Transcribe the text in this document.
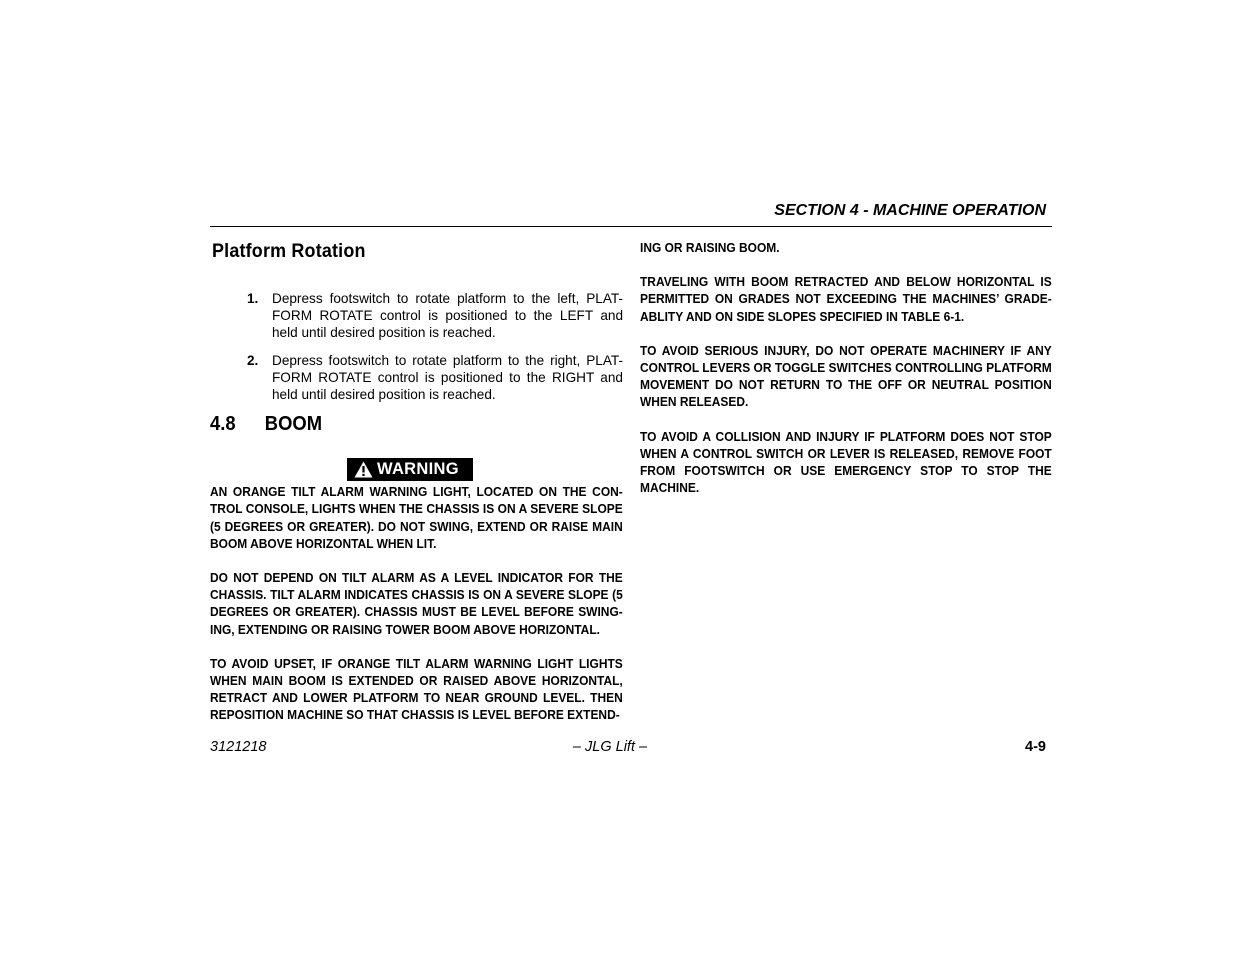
SECTION 4 - MACHINE OPERATION
Platform Rotation
1. Depress footswitch to rotate platform to the left, PLAT-FORM ROTATE control is positioned to the LEFT and held until desired position is reached.
2. Depress footswitch to rotate platform to the right, PLAT-FORM ROTATE control is positioned to the RIGHT and held until desired position is reached.
4.8 BOOM
WARNING

AN ORANGE TILT ALARM WARNING LIGHT, LOCATED ON THE CON-TROL CONSOLE, LIGHTS WHEN THE CHASSIS IS ON A SEVERE SLOPE (5 DEGREES OR GREATER). DO NOT SWING, EXTEND OR RAISE MAIN BOOM ABOVE HORIZONTAL WHEN LIT.

DO NOT DEPEND ON TILT ALARM AS A LEVEL INDICATOR FOR THE CHASSIS. TILT ALARM INDICATES CHASSIS IS ON A SEVERE SLOPE (5 DEGREES OR GREATER). CHASSIS MUST BE LEVEL BEFORE SWING-ING, EXTENDING OR RAISING TOWER BOOM ABOVE HORIZONTAL.

TO AVOID UPSET, IF ORANGE TILT ALARM WARNING LIGHT LIGHTS WHEN MAIN BOOM IS EXTENDED OR RAISED ABOVE HORIZONTAL, RETRACT AND LOWER PLATFORM TO NEAR GROUND LEVEL. THEN REPOSITION MACHINE SO THAT CHASSIS IS LEVEL BEFORE EXTEND-

ING OR RAISING BOOM.

TRAVELING WITH BOOM RETRACTED AND BELOW HORIZONTAL IS PERMITTED ON GRADES NOT EXCEEDING THE MACHINES’ GRADE-ABLITY AND ON SIDE SLOPES SPECIFIED IN TABLE 6-1.

TO AVOID SERIOUS INJURY, DO NOT OPERATE MACHINERY IF ANY CONTROL LEVERS OR TOGGLE SWITCHES CONTROLLING PLATFORM MOVEMENT DO NOT RETURN TO THE OFF OR NEUTRAL POSITION WHEN RELEASED.

TO AVOID A COLLISION AND INJURY IF PLATFORM DOES NOT STOP WHEN A CONTROL SWITCH OR LEVER IS RELEASED, REMOVE FOOT FROM FOOTSWITCH OR USE EMERGENCY STOP TO STOP THE MACHINE.

3121218	– JLG Lift –	4-9
